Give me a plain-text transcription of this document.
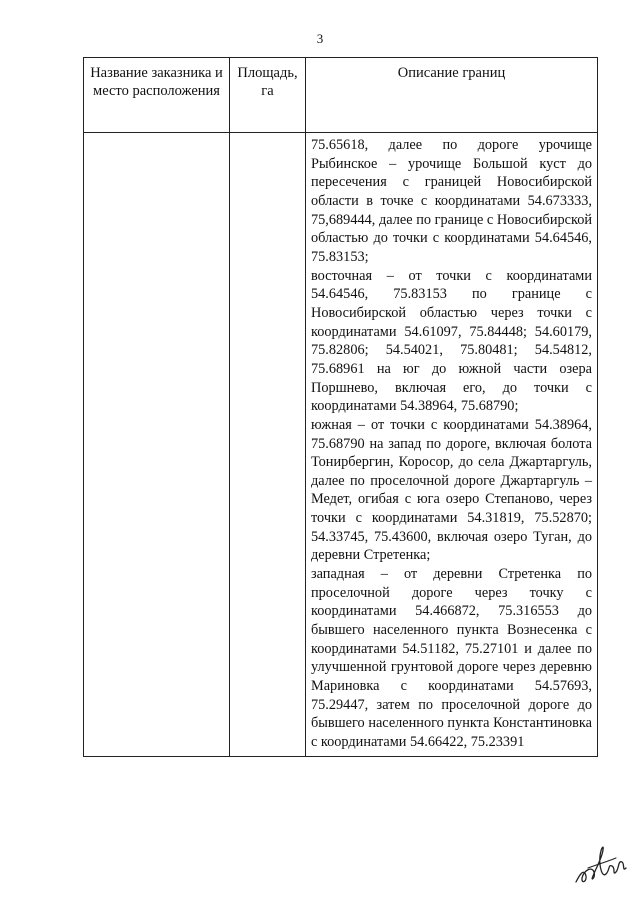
3
Название заказника и место расположения	Площадь, га	Описание границ

		75.65618, далее по дороге урочище Рыбинское – урочище Большой куст до пересечения с границей Новосибирской области в точке с координатами 54.673333, 75,689444, далее по границе с Новосибирской областью до точки с координатами 54.64546, 75.83153;

восточная – от точки с координатами 54.64546, 75.83153 по границе с Новосибирской областью через точки с координатами 54.61097, 75.84448; 54.60179, 75.82806; 54.54021, 75.80481; 54.54812, 75.68961 на юг до южной части озера Поршнево, включая его, до точки с координатами 54.38964, 75.68790;

южная – от точки с координатами 54.38964, 75.68790 на запад по дороге, включая болота Тонирбергин, Коросор, до села Джартаргуль, далее по проселочной дороге Джартаргуль – Медет, огибая с юга озеро Степаново, через точки с координатами 54.31819, 75.52870; 54.33745, 75.43600, включая озеро Туган, до деревни Стретенка;

западная – от деревни Стретенка по проселочной дороге через точку с координатами 54.466872, 75.316553 до бывшего населенного пункта Вознесенка с координатами 54.51182, 75.27101 и далее по улучшенной грунтовой дороге через деревню Мариновка с координатами 54.57693, 75.29447, затем по проселочной дороге до бывшего населенного пункта Константиновка с координатами 54.66422, 75.23391
